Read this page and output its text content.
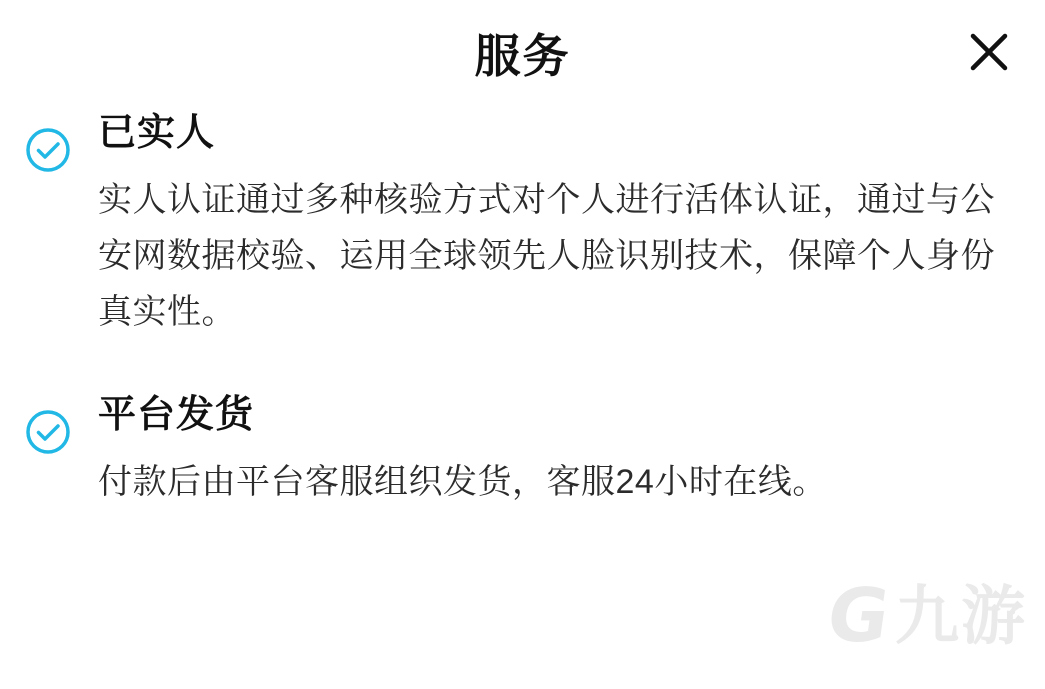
服务
已实人
实人认证通过多种核验方式对个人进行活体认证，通过与公安网数据校验、运用全球领先人脸识别技术，保障个人身份真实性。
平台发货
付款后由平台客服组织发货，客服24小时在线。
G 九游
